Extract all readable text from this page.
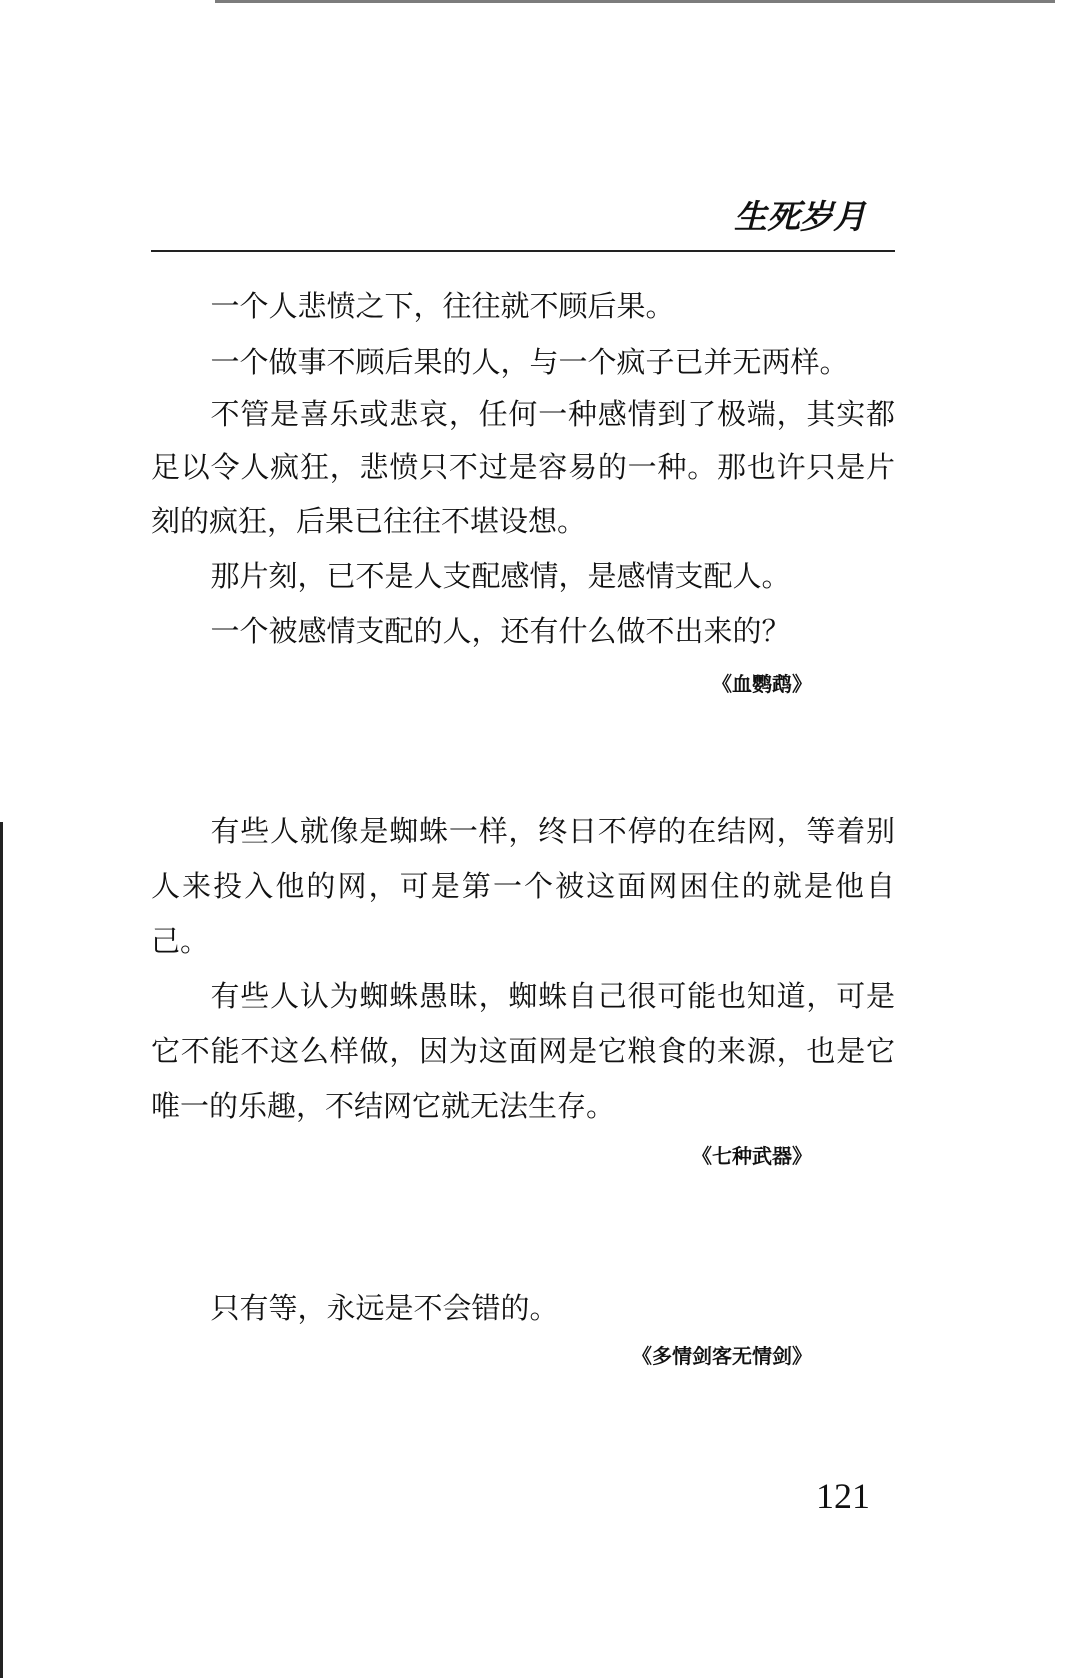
生死岁月
一个人悲愤之下，往往就不顾后果。
一个做事不顾后果的人，与一个疯子已并无两样。
不管是喜乐或悲哀，任何一种感情到了极端，其实都
足以令人疯狂，悲愤只不过是容易的一种。那也许只是片
刻的疯狂，后果已往往不堪设想。
那片刻，已不是人支配感情，是感情支配人。
一个被感情支配的人，还有什么做不出来的？
《血鹦鹉》
有些人就像是蜘蛛一样，终日不停的在结网，等着别
人来投入他的网，可是第一个被这面网困住的就是他自
己。
有些人认为蜘蛛愚昧，蜘蛛自己很可能也知道，可是
它不能不这么样做，因为这面网是它粮食的来源，也是它
唯一的乐趣，不结网它就无法生存。
《七种武器》
只有等，永远是不会错的。
《多情剑客无情剑》
121
